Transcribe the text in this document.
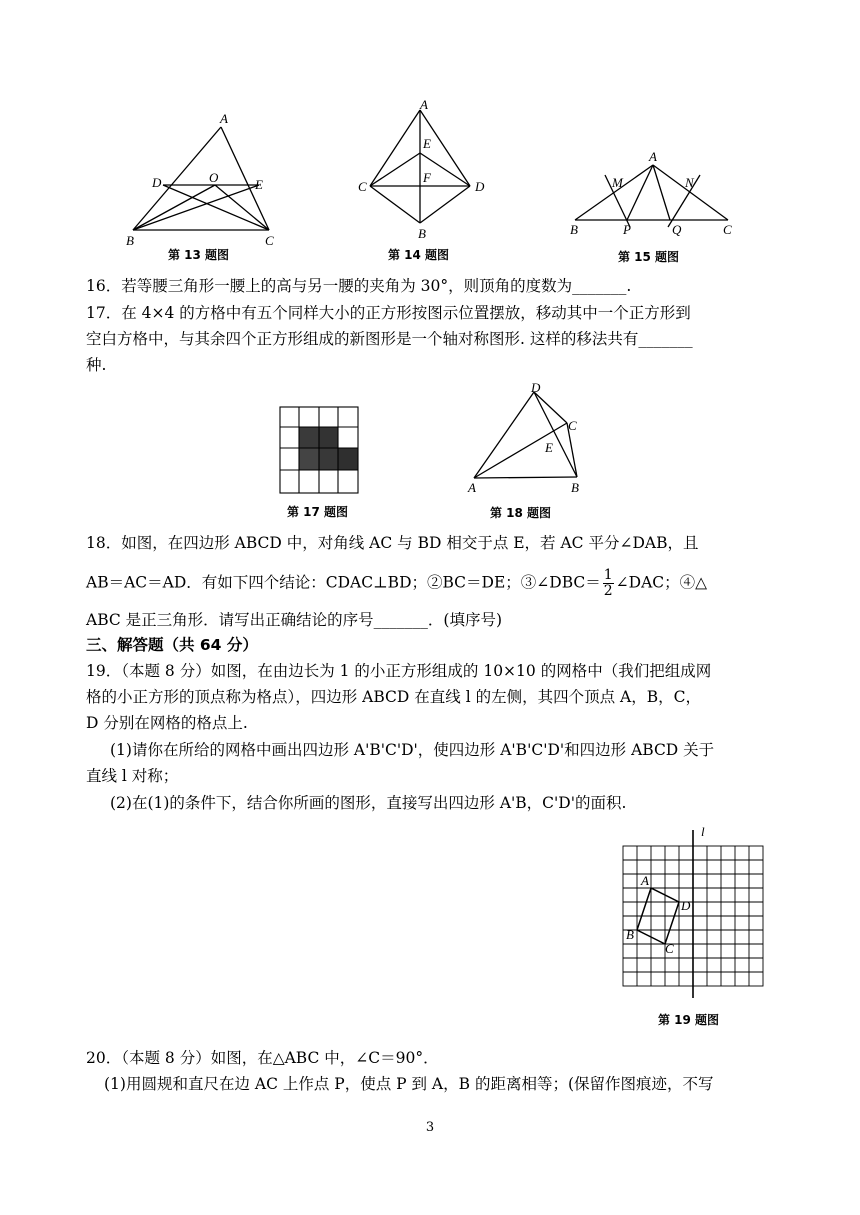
A
D	O	E
B	C
第 13 题图
A
E
C
F
D
B
第 14 题图
A
M	N
B	P	Q	C
第 15 题图
16．若等腰三角形一腰上的高与另一腰的夹角为 30°，则顶角的度数为_______.
17．在 4×4 的方格中有五个同样大小的正方形按图示位置摆放，移动其中一个正方形到
空白方格中，与其余四个正方形组成的新图形是一个轴对称图形. 这样的移法共有_______
种.
第 17 题图
D
C
E
A	B
第 18 题图
18．如图，在四边形 ABCD 中，对角线 AC 与 BD 相交于点 E，若 AC 平分∠DAB，且
AB＝AC＝AD．有如下四个结论：CDAC⊥BD；②BC＝DE；③∠DBC＝ $\frac{1}{2}$ ∠DAC；④△
ABC 是正三角形．请写出正确结论的序号_______．(填序号)
三、解答题（共 64 分）
19．（本题 8 分）如图，在由边长为 1 的小正方形组成的 10×10 的网格中（我们把组成网
格的小正方形的顶点称为格点），四边形 ABCD 在直线 l 的左侧，其四个顶点 A，B，C，
D 分别在网格的格点上.
(1)请你在所给的网格中画出四边形 A'B'C'D'，使四边形 A'B'C'D'和四边形 ABCD 关于
直线 l 对称；
(2)在(1)的条件下，结合你所画的图形，直接写出四边形 A'B，C'D'的面积.
l
A
D
B
C
第 19 题图
20．（本题 8 分）如图，在△ABC 中，∠C＝90°．
(1)用圆规和直尺在边 AC 上作点 P，使点 P 到 A，B 的距离相等；(保留作图痕迹，不写
3
